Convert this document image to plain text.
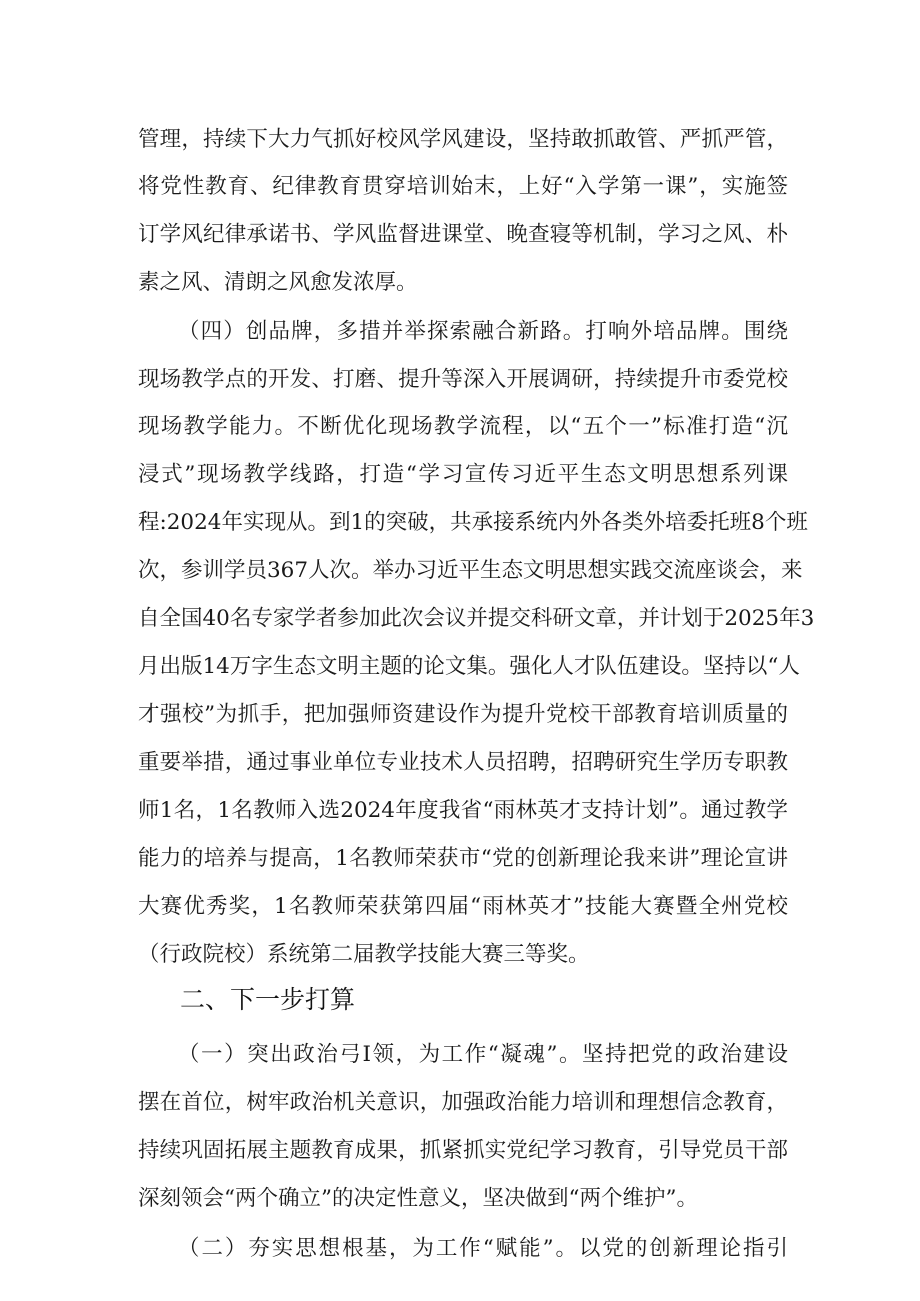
管理，持续下大力气抓好校风学风建设，坚持敢抓敢管、严抓严管，

将党性教育、纪律教育贯穿培训始末，上好“入学第一课”，实施签

订学风纪律承诺书、学风监督进课堂、晚查寝等机制，学习之风、朴

素之风、清朗之风愈发浓厚。

（四）创品牌，多措并举探索融合新路。打响外培品牌。围绕

现场教学点的开发、打磨、提升等深入开展调研，持续提升市委党校

现场教学能力。不断优化现场教学流程，以“五个一”标准打造“沉

浸式”现场教学线路，打造“学习宣传习近平生态文明思想系列课

程:2024年实现从。到1的突破，共承接系统内外各类外培委托班8个班

次，参训学员367人次。举办习近平生态文明思想实践交流座谈会，来

自全国40名专家学者参加此次会议并提交科研文章，并计划于2025年3

月出版14万字生态文明主题的论文集。强化人才队伍建设。坚持以“人

才强校”为抓手，把加强师资建设作为提升党校干部教育培训质量的

重要举措，通过事业单位专业技术人员招聘，招聘研究生学历专职教

师1名，1名教师入选2024年度我省“雨林英才支持计划”。通过教学

能力的培养与提高，1名教师荣获市“党的创新理论我来讲”理论宣讲

大赛优秀奖，1名教师荣获第四届“雨林英才”技能大赛暨全州党校

（行政院校）系统第二届教学技能大赛三等奖。

二、下一步打算

（一）突出政治弓I领，为工作“凝魂”。坚持把党的政治建设

摆在首位，树牢政治机关意识，加强政治能力培训和理想信念教育，

持续巩固拓展主题教育成果，抓紧抓实党纪学习教育，引导党员干部

深刻领会“两个确立”的决定性意义，坚决做到“两个维护”。

（二）夯实思想根基，为工作“赋能”。以党的创新理论指引
